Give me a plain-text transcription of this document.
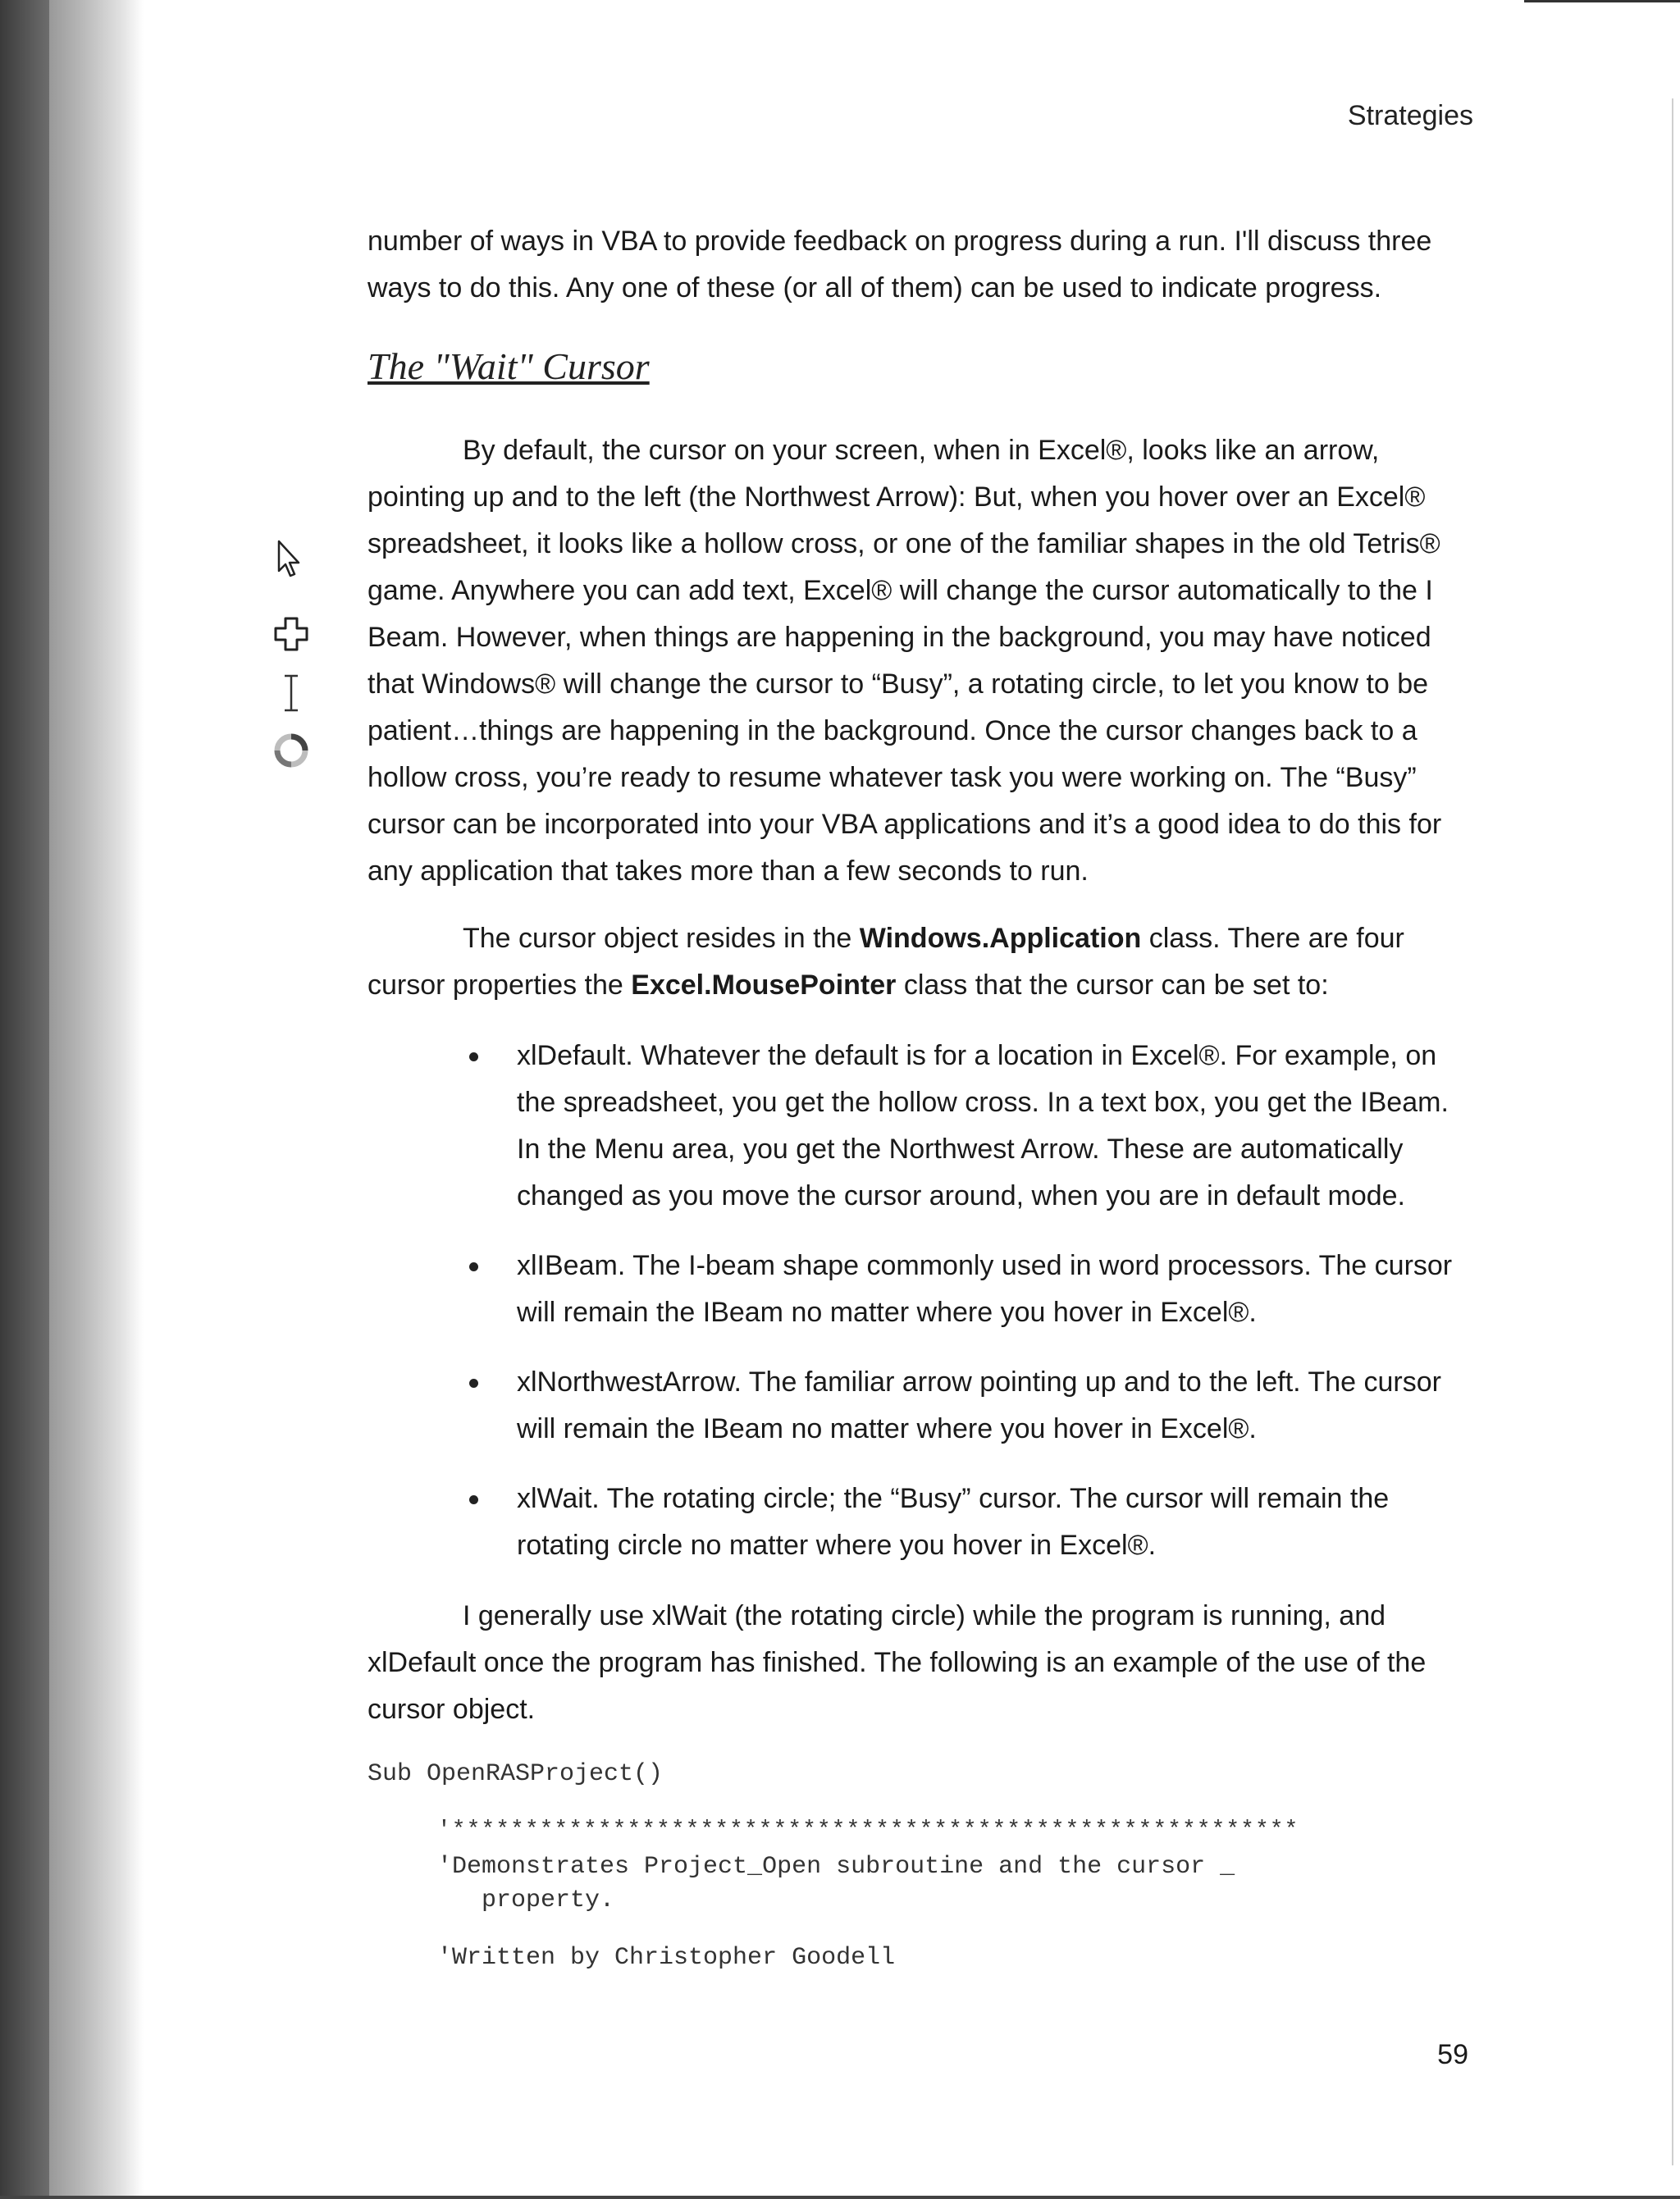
Strategies

number of ways in VBA to provide feedback on progress during a run. I'll discuss three ways to do this. Any one of these (or all of them) can be used to indicate progress.

The "Wait" Cursor

By default, the cursor on your screen, when in Excel®, looks like an arrow, pointing up and to the left (the Northwest Arrow): But, when you hover over an Excel® spreadsheet, it looks like a hollow cross, or one of the familiar shapes in the old Tetris® game. Anywhere you can add text, Excel® will change the cursor automatically to the I Beam. However, when things are happening in the background, you may have noticed that Windows® will change the cursor to “Busy”, a rotating circle, to let you know to be patient…things are happening in the background. Once the cursor changes back to a hollow cross, you’re ready to resume whatever task you were working on. The “Busy” cursor can be incorporated into your VBA applications and it’s a good idea to do this for any application that takes more than a few seconds to run.

The cursor object resides in the Windows.Application class. There are four cursor properties the Excel.MousePointer class that the cursor can be set to:

xlDefault. Whatever the default is for a location in Excel®. For example, on the spreadsheet, you get the hollow cross. In a text box, you get the IBeam. In the Menu area, you get the Northwest Arrow. These are automatically changed as you move the cursor around, when you are in default mode.
xlIBeam. The I-beam shape commonly used in word processors. The cursor will remain the IBeam no matter where you hover in Excel®.
xlNorthwestArrow. The familiar arrow pointing up and to the left. The cursor will remain the IBeam no matter where you hover in Excel®.
xlWait. The rotating circle; the “Busy” cursor. The cursor will remain the rotating circle no matter where you hover in Excel®.

I generally use xlWait (the rotating circle) while the program is running, and xlDefault once the program has finished. The following is an example of the use of the cursor object.

Sub OpenRASProject()
'**********************************************************
'Demonstrates Project_Open subroutine and the cursor _
property.
'Written by Christopher Goodell
59
